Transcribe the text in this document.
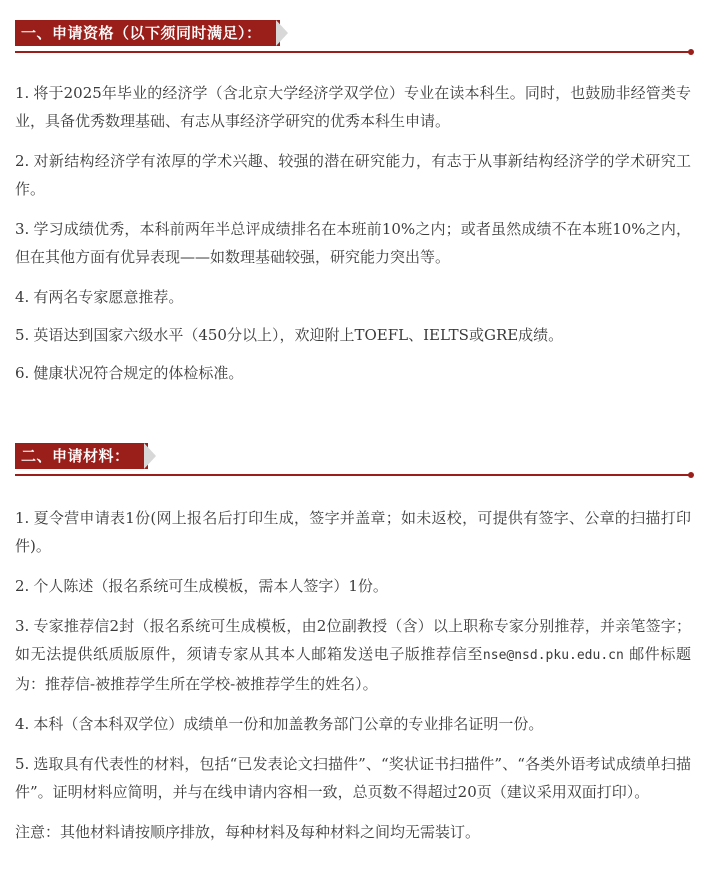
一、申请资格（以下须同时满足）：
1. 将于2025年毕业的经济学（含北京大学经济学双学位）专业在读本科生。同时，也鼓励非经管类专业，具备优秀数理基础、有志从事经济学研究的优秀本科生申请。
2. 对新结构经济学有浓厚的学术兴趣、较强的潜在研究能力，有志于从事新结构经济学的学术研究工作。
3. 学习成绩优秀，本科前两年半总评成绩排名在本班前10%之内；或者虽然成绩不在本班10%之内，但在其他方面有优异表现——如数理基础较强，研究能力突出等。
4. 有两名专家愿意推荐。
5. 英语达到国家六级水平（450分以上），欢迎附上TOEFL、IELTS或GRE成绩。
6. 健康状况符合规定的体检标准。
二、申请材料：
1. 夏令营申请表1份(网上报名后打印生成，签字并盖章；如未返校，可提供有签字、公章的扫描打印件)。
2. 个人陈述（报名系统可生成模板，需本人签字）1份。
3. 专家推荐信2封（报名系统可生成模板，由2位副教授（含）以上职称专家分别推荐，并亲笔签字；如无法提供纸质版原件，须请专家从其本人邮箱发送电子版推荐信至nse@nsd.pku.edu.cn 邮件标题为：推荐信-被推荐学生所在学校-被推荐学生的姓名）。
4. 本科（含本科双学位）成绩单一份和加盖教务部门公章的专业排名证明一份。
5. 选取具有代表性的材料，包括“已发表论文扫描件”、“奖状证书扫描件”、“各类外语考试成绩单扫描件”。证明材料应简明，并与在线申请内容相一致，总页数不得超过20页（建议采用双面打印）。
注意：其他材料请按顺序排放，每种材料及每种材料之间均无需装订。
